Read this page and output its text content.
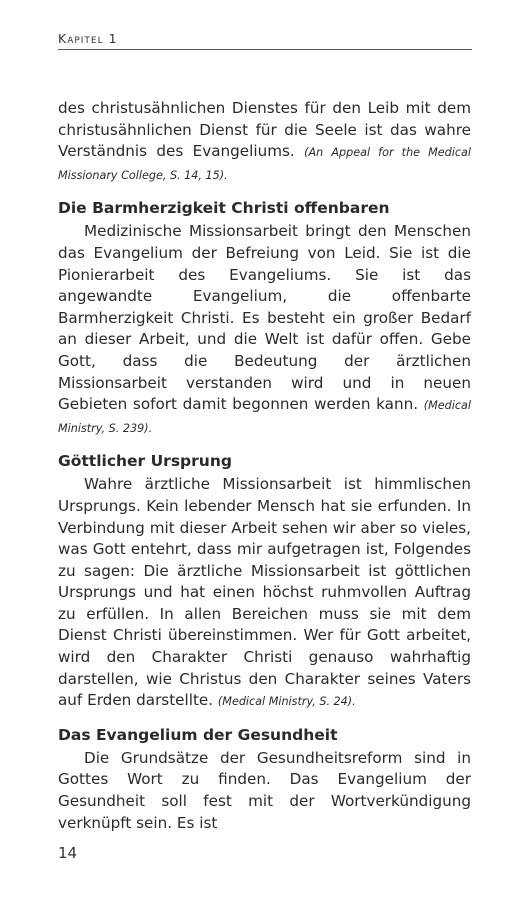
Kapitel 1

des christusähnlichen Dienstes für den Leib mit dem christusähnlichen Dienst für die Seele ist das wahre Verständnis des Evangeliums. (An Appeal for the Medical Missionary College, S. 14, 15).

Die Barmherzigkeit Christi offenbaren

Medizinische Missionsarbeit bringt den Menschen das Evangelium der Befreiung von Leid. Sie ist die Pionierarbeit des Evangeliums. Sie ist das angewandte Evangelium, die offenbarte Barmherzigkeit Christi. Es besteht ein großer Bedarf an dieser Arbeit, und die Welt ist dafür offen. Gebe Gott, dass die Bedeutung der ärztlichen Missionsarbeit verstanden wird und in neuen Gebieten sofort damit begonnen werden kann. (Medical Ministry, S. 239).

Göttlicher Ursprung

Wahre ärztliche Missionsarbeit ist himmlischen Ursprungs. Kein lebender Mensch hat sie erfunden. In Verbindung mit dieser Arbeit sehen wir aber so vieles, was Gott entehrt, dass mir aufgetragen ist, Folgendes zu sagen: Die ärztliche Missionsarbeit ist göttlichen Ursprungs und hat einen höchst ruhmvollen Auftrag zu erfüllen. In allen Bereichen muss sie mit dem Dienst Christi übereinstimmen. Wer für Gott arbeitet, wird den Charakter Christi genauso wahrhaftig darstellen, wie Christus den Charakter seines Vaters auf Erden darstellte. (Medical Ministry, S. 24).

Das Evangelium der Gesundheit

Die Grundsätze der Gesundheitsreform sind in Gottes Wort zu finden. Das Evangelium der Gesundheit soll fest mit der Wortverkündigung verknüpft sein. Es ist

14
